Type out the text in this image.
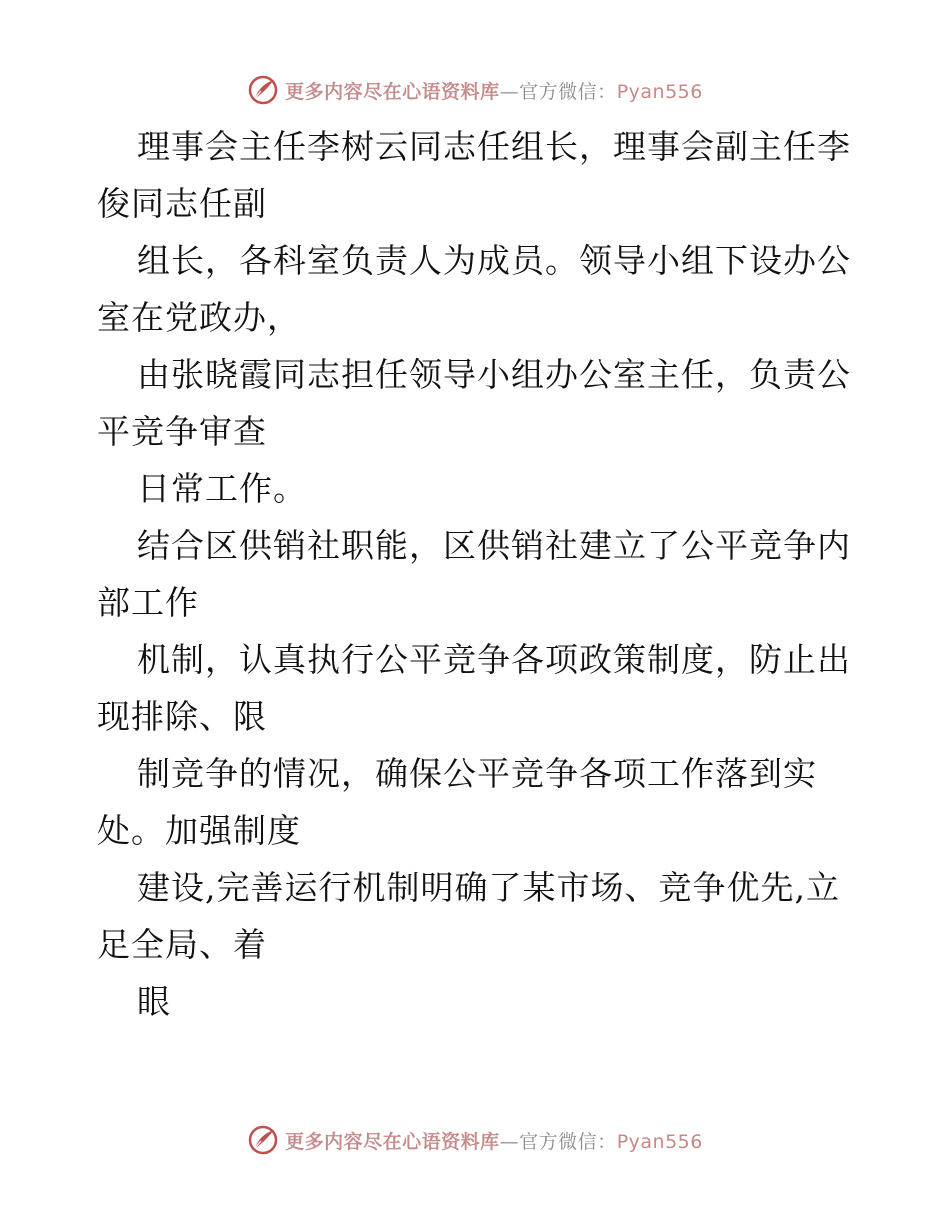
更多内容尽在心语资料库—官方微信：Pyan556
理事会主任李树云同志任组长，理事会副主任李
俊同志任副
组长，各科室负责人为成员。领导小组下设办公
室在党政办，
由张晓霞同志担任领导小组办公室主任，负责公
平竞争审查
日常工作。
结合区供销社职能，区供销社建立了公平竞争内
部工作
机制，认真执行公平竞争各项政策制度，防止出
现排除、限
制竞争的情况，确保公平竞争各项工作落到实
处。加强制度
建设,完善运行机制明确了某市场、竞争优先,立
足全局、着
眼
更多内容尽在心语资料库—官方微信：Pyan556
